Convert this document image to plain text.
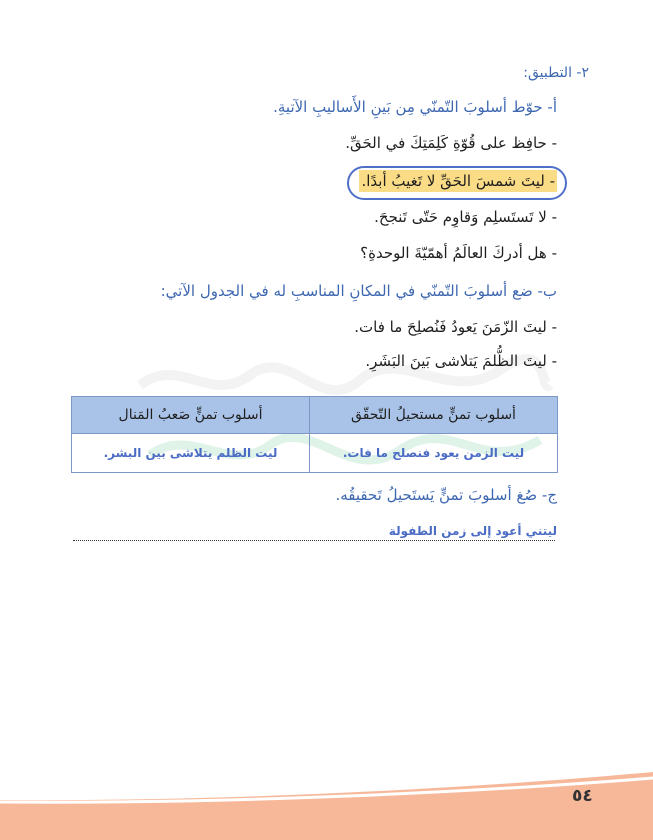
٢- التطبيق:
أ- حوّط أسلوبَ التّمنّي مِن بَينِ الأَساليبِ الآتيةِ.
- حافِظ على قُوّةِ كَلِمَتِكَ في الحَقِّ.
- ليتَ شمسَ الحَقِّ لا تَغيبُ أبدًا.
- لا تَستَسلِم وَقاوِم حَتّى تَنجحَ.
- هل أدركَ العالَمُ أهمّيّةَ الوحدةِ؟
ب- ضع أسلوبَ التّمنّي في المكانِ المناسبِ له في الجدول الآتي:
- ليتَ الزّمَنَ يَعودُ فَنُصلِحَ ما فات.
- ليتَ الظُّلمَ يَتلاشى بَينَ البَشَرِ.
أسلوب تمنٍّ مستحيلُ التّحقّق	أسلوب تمنٍّ صَعبُ المَنال
ليت الزمن يعود فنصلح ما فات.	ليت الظلم يتلاشى بين البشر.
ج- صُغ أسلوبَ تمنٍّ يَستَحيلُ تَحقيقُه.
ليتني أعود إلى زمن الطفولة
٥٤
